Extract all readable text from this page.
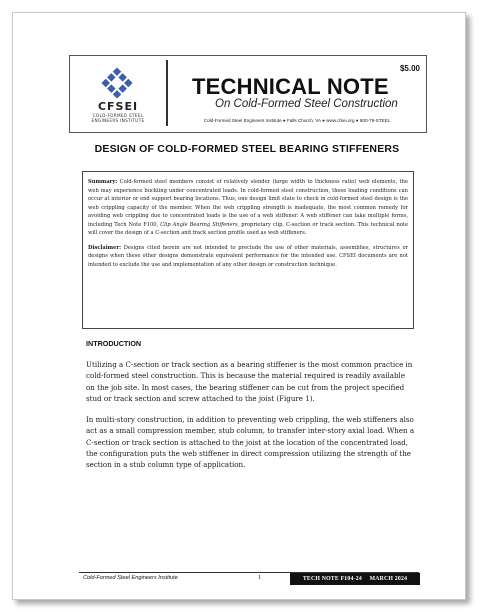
CFSEI
COLD-FORMED STEEL
ENGINEERS INSTITUTE
$5.00
TECHNICAL NOTE
On Cold-Formed Steel Construction
Cold-Formed Steel Engineers Institute ● Falls Church, VA ● www.cfsei.org ● 800-79-STEEL
DESIGN OF COLD-FORMED STEEL BEARING STIFFENERS

Summary: Cold-formed steel members consist of relatively slender (large width to thickness ratio) web elements, the web may experience buckling under concentrated loads. In cold-formed steel construction, these loading conditions can occur at interior or end support bearing locations. Thus, one design limit state to check in cold-formed steel design is the web crippling capacity of the member. When the web crippling strength is inadequate, the most common remedy for avoiding web crippling due to concentrated loads is the use of a web stiffener. A web stiffener can take multiple forms, including Tech Note F100, Clip Angle Bearing Stiffeners, proprietary clip, C-section or track section. This technical note will cover the design of a C-section and track section profile used as web stiffeners.

Disclaimer: Designs cited herein are not intended to preclude the use of other materials, assemblies, structures or designs when these other designs demonstrate equivalent performance for the intended use. CFSEI documents are not intended to exclude the use and implementation of any other design or construction technique.

INTRODUCTION

Utilizing a C-section or track section as a bearing stiffener is the most common practice in cold-formed steel construction. This is because the material required is readily available on the job site. In most cases, the bearing stiffener can be cut from the project specified stud or track section and screw attached to the joist (Figure 1).

In multi-story construction, in addition to preventing web crippling, the web stiffeners also act as a small compression member, stub column, to transfer inter-story axial load. When a C-section or track section is attached to the joist at the location of the concentrated load, the configuration puts the web stiffener in direct compression utilizing the strength of the section in a stub column type of application.

Cold-Formed Steel Engineers Institute	1	TECH NOTE F104-24 MARCH 2024
